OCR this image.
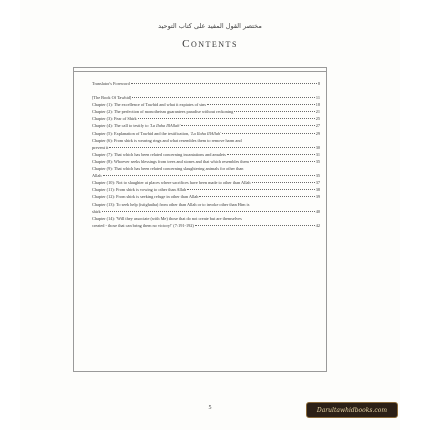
مختصر القول المفيد على كتاب التوحيد
Contents
5
Translator's Foreword	8
[The Book Of Tawhid]	11
Chapter (1): The excellence of Tawhid and what it expiates of sins	18
Chapter (2): The perfection of monotheism guarantees paradise without reckoning	21
Chapter (3): Fear of Shirk	25
Chapter (4): The call to testify to 'La Ilaha IllAllah'	27
Chapter (5): Explanation of Tawhid and the testification, 'La Ilaha IllAllah'	29
Chapter (6): From shirk is wearing rings and what resembles them to remove harm and
prevent it	30
Chapter (7): That which has been related concerning incantations and amulets	31
Chapter (8): Whoever seeks blessings from trees and stones and that which resembles them	35
Chapter (9): That which has been related concerning slaughtering animals for other than
Allah	35
Chapter (10): Not to slaughter at places where sacrifices have been made to other than Allah	37
Chapter (11): From shirk is vowing to other than Allah	38
Chapter (12): From shirk is seeking refuge in other than Allah	39
Chapter (13): To seek help (istighatha) from other than Allah or to invoke other than Him is
shirk	40
Chapter (14): 'Will they associate (with Me) those that do not create but are themselves
created - those that can bring them no victory!' (7:191-192)	42
Darultawhidbooks.com
